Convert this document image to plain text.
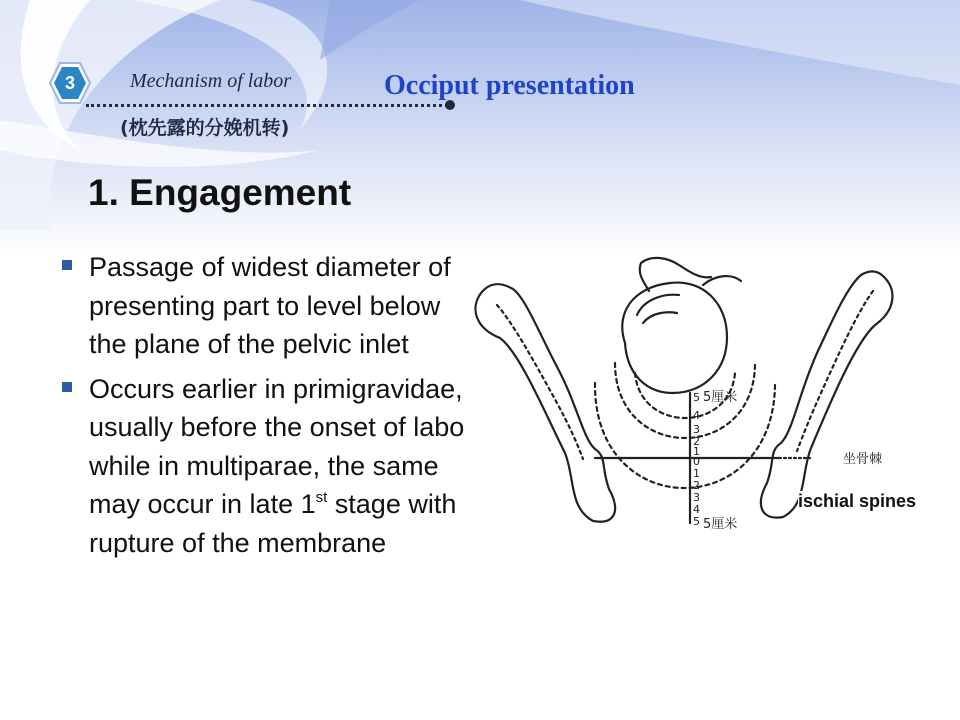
3	Mechanism of labor
(枕先露的分娩机转)
Occiput presentation
1. Engagement
Passage of widest diameter of presenting part to level below the plane of the pelvic inlet
Occurs earlier in primigravidae, usually before the onset of labor while in multiparae, the same may occur in late 1st stage with rupture of the membrane
5
4
3
2
1
0
1
2
3
4
5
5厘米
5厘米
坐骨棘
ischial spines
